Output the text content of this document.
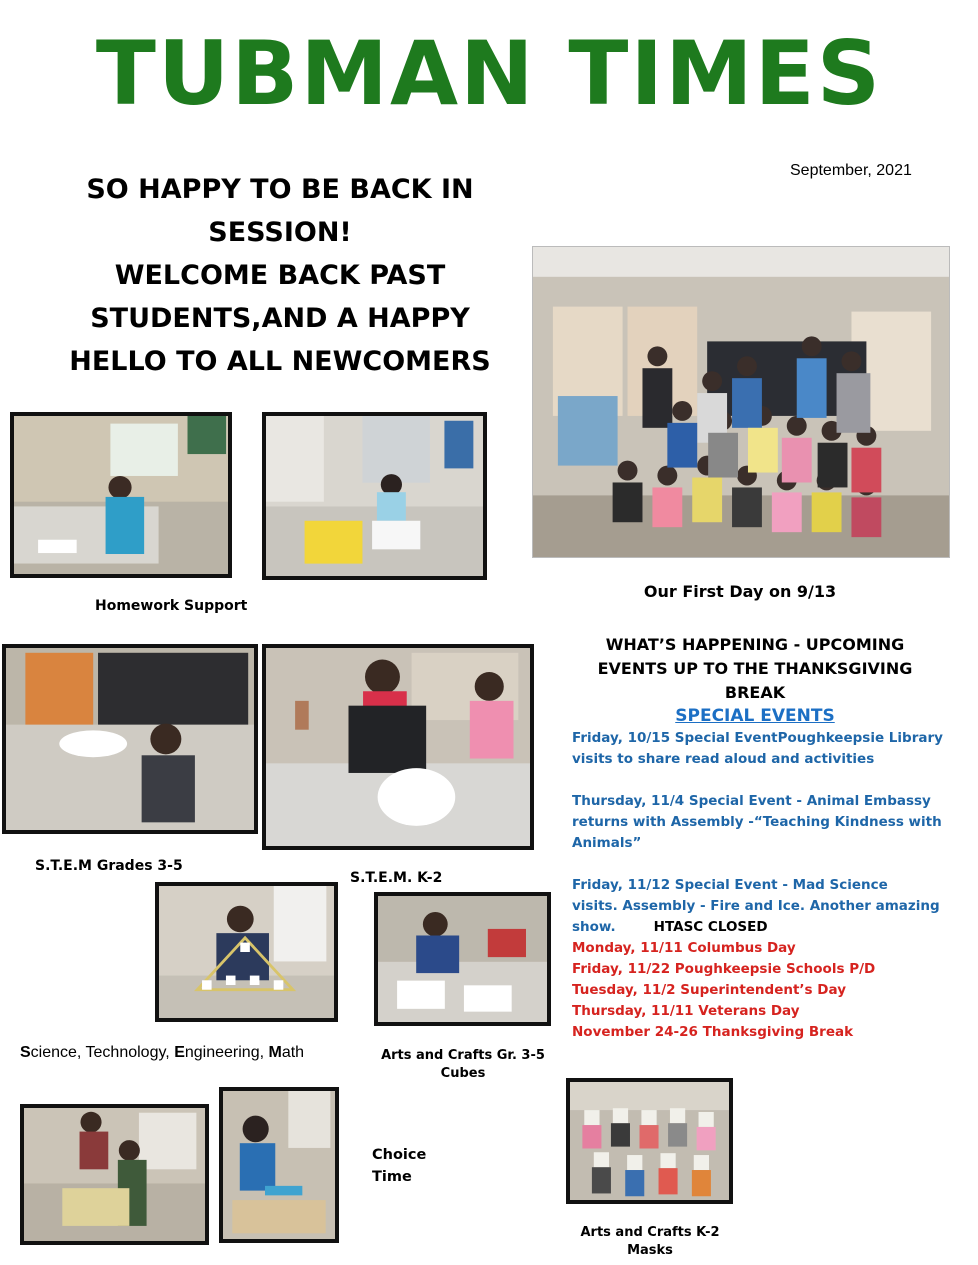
TUBMAN TIMES
September, 2021
SO HAPPY TO BE BACK IN
SESSION!
WELCOME BACK PAST
STUDENTS,AND A HAPPY
HELLO TO ALL NEWCOMERS
Homework Support
Our First Day on 9/13
S.T.E.M Grades 3-5
S.T.E.M. K-2
Science, Technology, Engineering, Math	Arts and Crafts Gr. 3-5
Cubes
Choice
Time
Arts and Crafts K-2
Masks
WHAT’S HAPPENING - UPCOMING
EVENTS UP TO THE THANKSGIVING
BREAK
SPECIAL EVENTS
Friday, 10/15 Special EventPoughkeepsie Library
visits to share read aloud and activities
Thursday, 11/4 Special Event - Animal Embassy
returns with Assembly -“Teaching Kindness with
Animals”
Friday, 11/12 Special Event - Mad Science
visits. Assembly - Fire and Ice. Another amazing
show.	HTASC CLOSED
Monday, 11/11 Columbus Day
Friday, 11/22 Poughkeepsie Schools P/D
Tuesday, 11/2 Superintendent’s Day
Thursday, 11/11 Veterans Day
November 24-26 Thanksgiving Break
